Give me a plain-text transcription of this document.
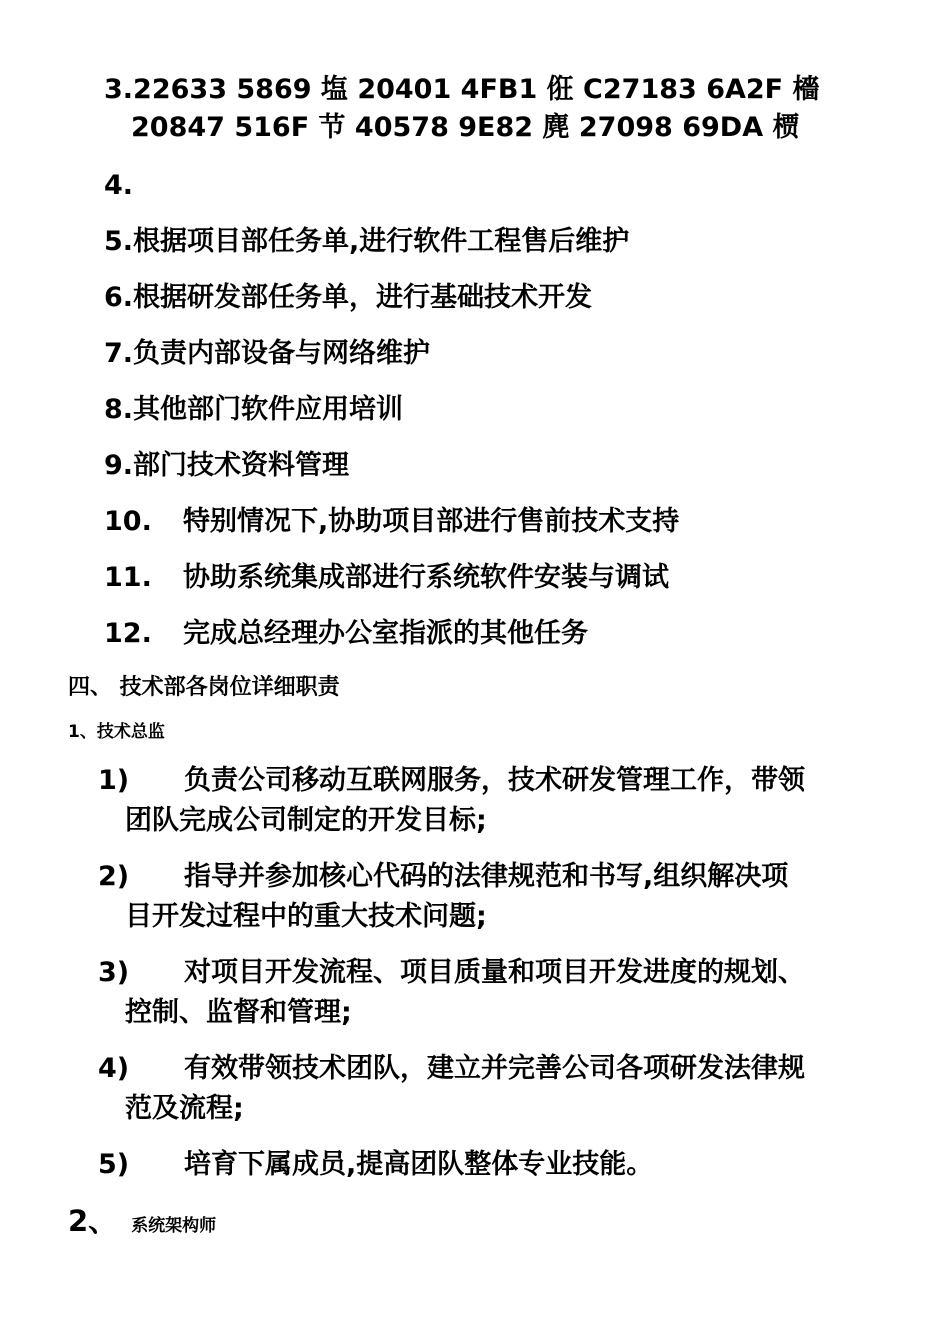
3.22633 5869 塩 20401 4FB1 俇 C27183 6A2F 檣
20847 516F 节 40578 9E82 麂 27098 69DA 槚
4.
5.根据项目部任务单,进行软件工程售后维护
6.根据研发部任务单，进行基础技术开发
7.负责内部设备与网络维护
8.其他部门软件应用培训
9.部门技术资料管理
10. 特别情况下,协助项目部进行售前技术支持
11. 协助系统集成部进行系统软件安装与调试
12. 完成总经理办公室指派的其他任务
四、 技术部各岗位详细职责
1、技术总监
1) 负责公司移动互联网服务，技术研发管理工作，带领
团队完成公司制定的开发目标;
2) 指导并参加核心代码的法律规范和书写,组织解决项
目开发过程中的重大技术问题;
3) 对项目开发流程、项目质量和项目开发进度的规划、
控制、监督和管理;
4) 有效带领技术团队，建立并完善公司各项研发法律规
范及流程;
5) 培育下属成员,提高团队整体专业技能。
2、 系统架构师
